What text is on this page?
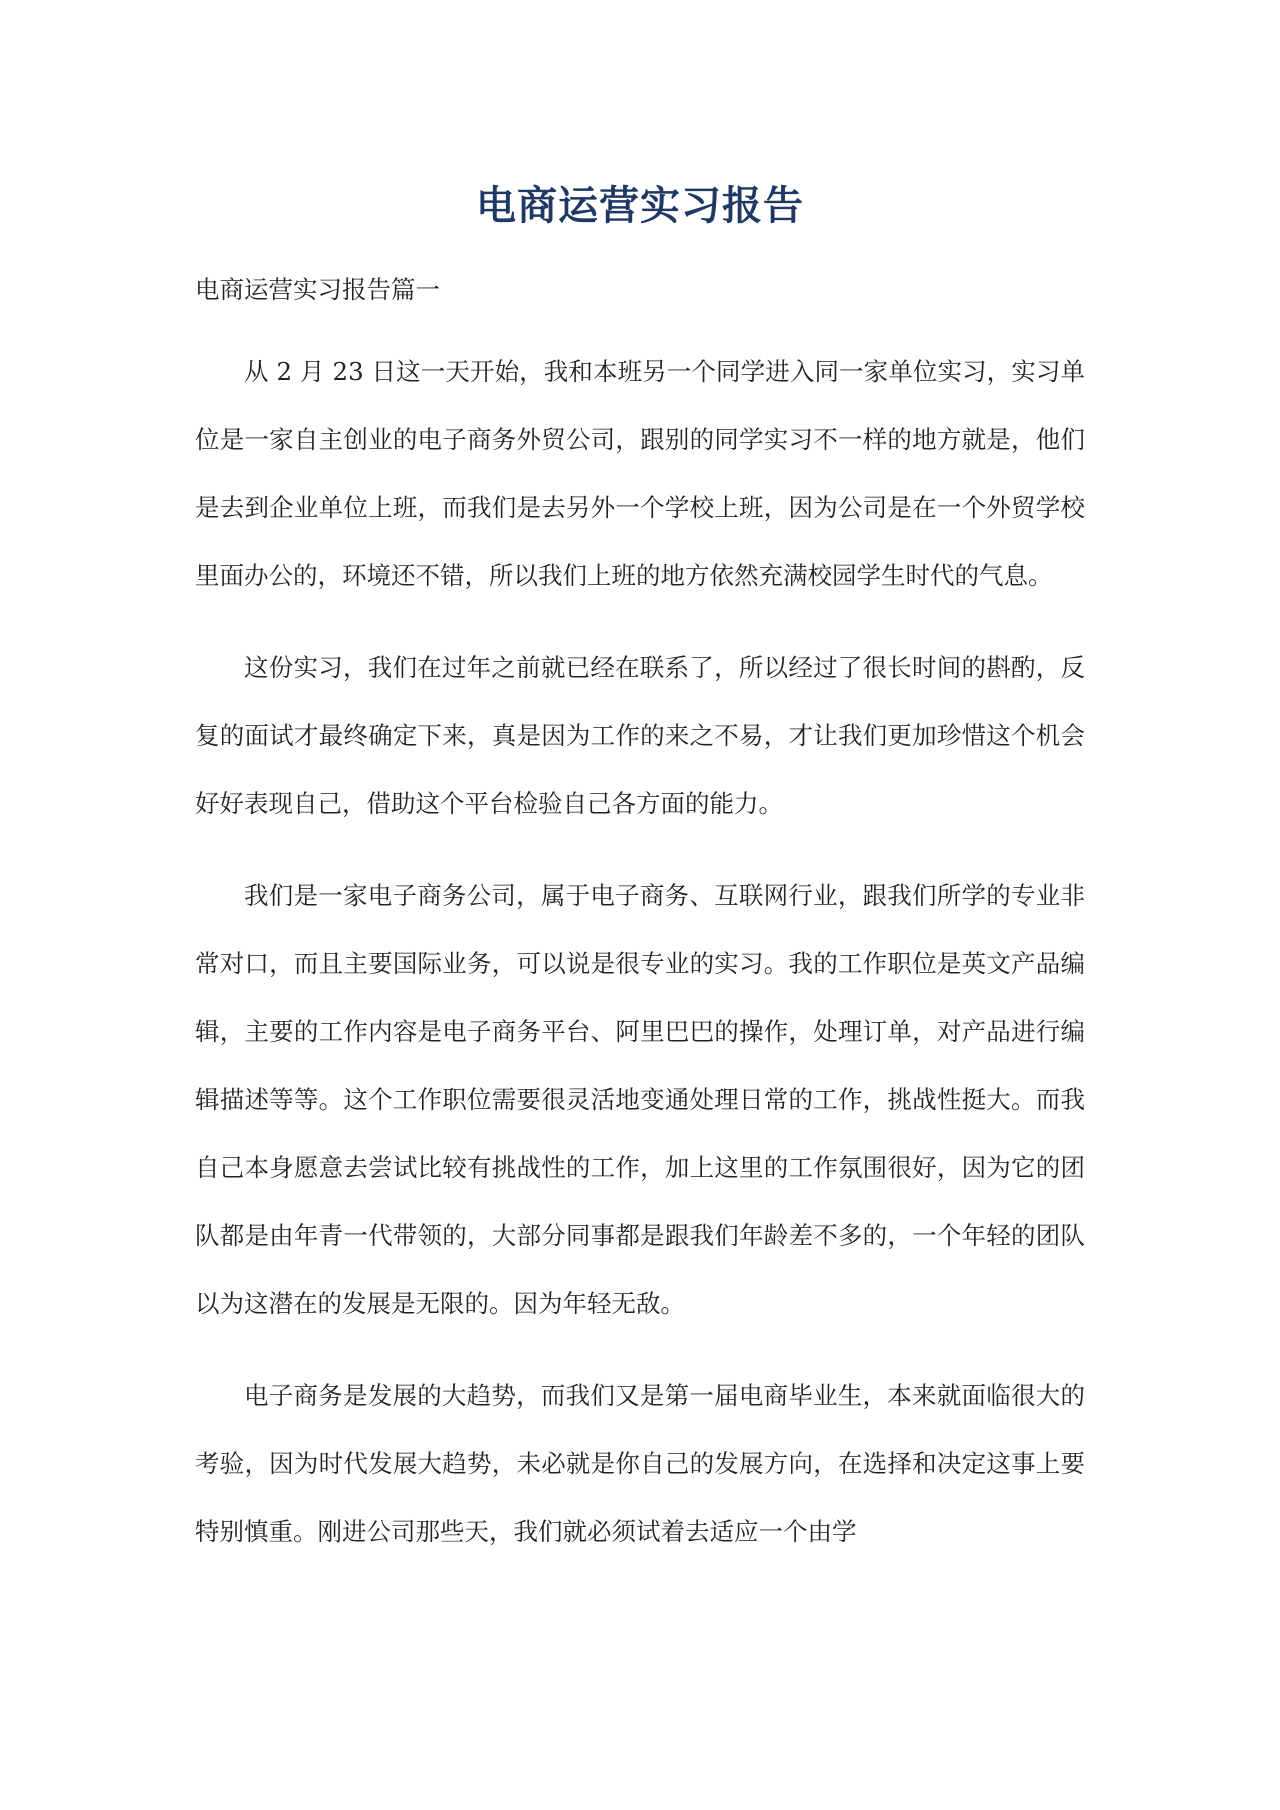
电商运营实习报告

电商运营实习报告篇一

从 2 月 23 日这一天开始，我和本班另一个同学进入同一家单位实习，实习单位是一家自主创业的电子商务外贸公司，跟别的同学实习不一样的地方就是，他们是去到企业单位上班，而我们是去另外一个学校上班，因为公司是在一个外贸学校里面办公的，环境还不错，所以我们上班的地方依然充满校园学生时代的气息。

这份实习，我们在过年之前就已经在联系了，所以经过了很长时间的斟酌，反复的面试才最终确定下来，真是因为工作的来之不易，才让我们更加珍惜这个机会好好表现自己，借助这个平台检验自己各方面的能力。

我们是一家电子商务公司，属于电子商务、互联网行业，跟我们所学的专业非常对口，而且主要国际业务，可以说是很专业的实习。我的工作职位是英文产品编辑，主要的工作内容是电子商务平台、阿里巴巴的操作，处理订单，对产品进行编辑描述等等。这个工作职位需要很灵活地变通处理日常的工作，挑战性挺大。而我自己本身愿意去尝试比较有挑战性的工作，加上这里的工作氛围很好，因为它的团队都是由年青一代带领的，大部分同事都是跟我们年龄差不多的，一个年轻的团队以为这潜在的发展是无限的。因为年轻无敌。

电子商务是发展的大趋势，而我们又是第一届电商毕业生，本来就面临很大的考验，因为时代发展大趋势，未必就是你自己的发展方向，在选择和决定这事上要特别慎重。刚进公司那些天，我们就必须试着去适应一个由学
